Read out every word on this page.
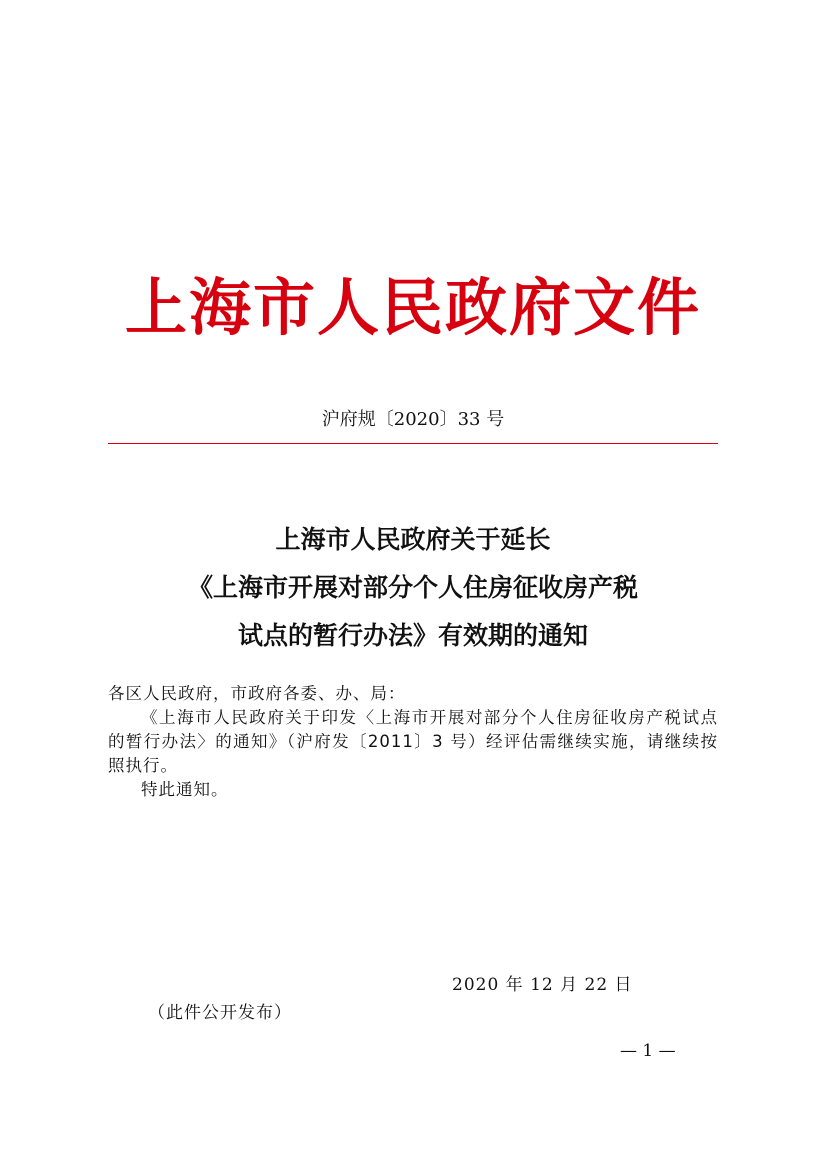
上海市人民政府文件
沪府规〔2020〕33 号
上海市人民政府关于延长
《上海市开展对部分个人住房征收房产税
试点的暂行办法》有效期的通知

各区人民政府，市政府各委、办、局：

《上海市人民政府关于印发〈上海市开展对部分个人住房征收房产税试点的暂行办法〉的通知》（沪府发〔2011〕3 号）经评估需继续实施，请继续按照执行。

特此通知。

2020 年 12 月 22 日
（此件公开发布）
— 1 —
